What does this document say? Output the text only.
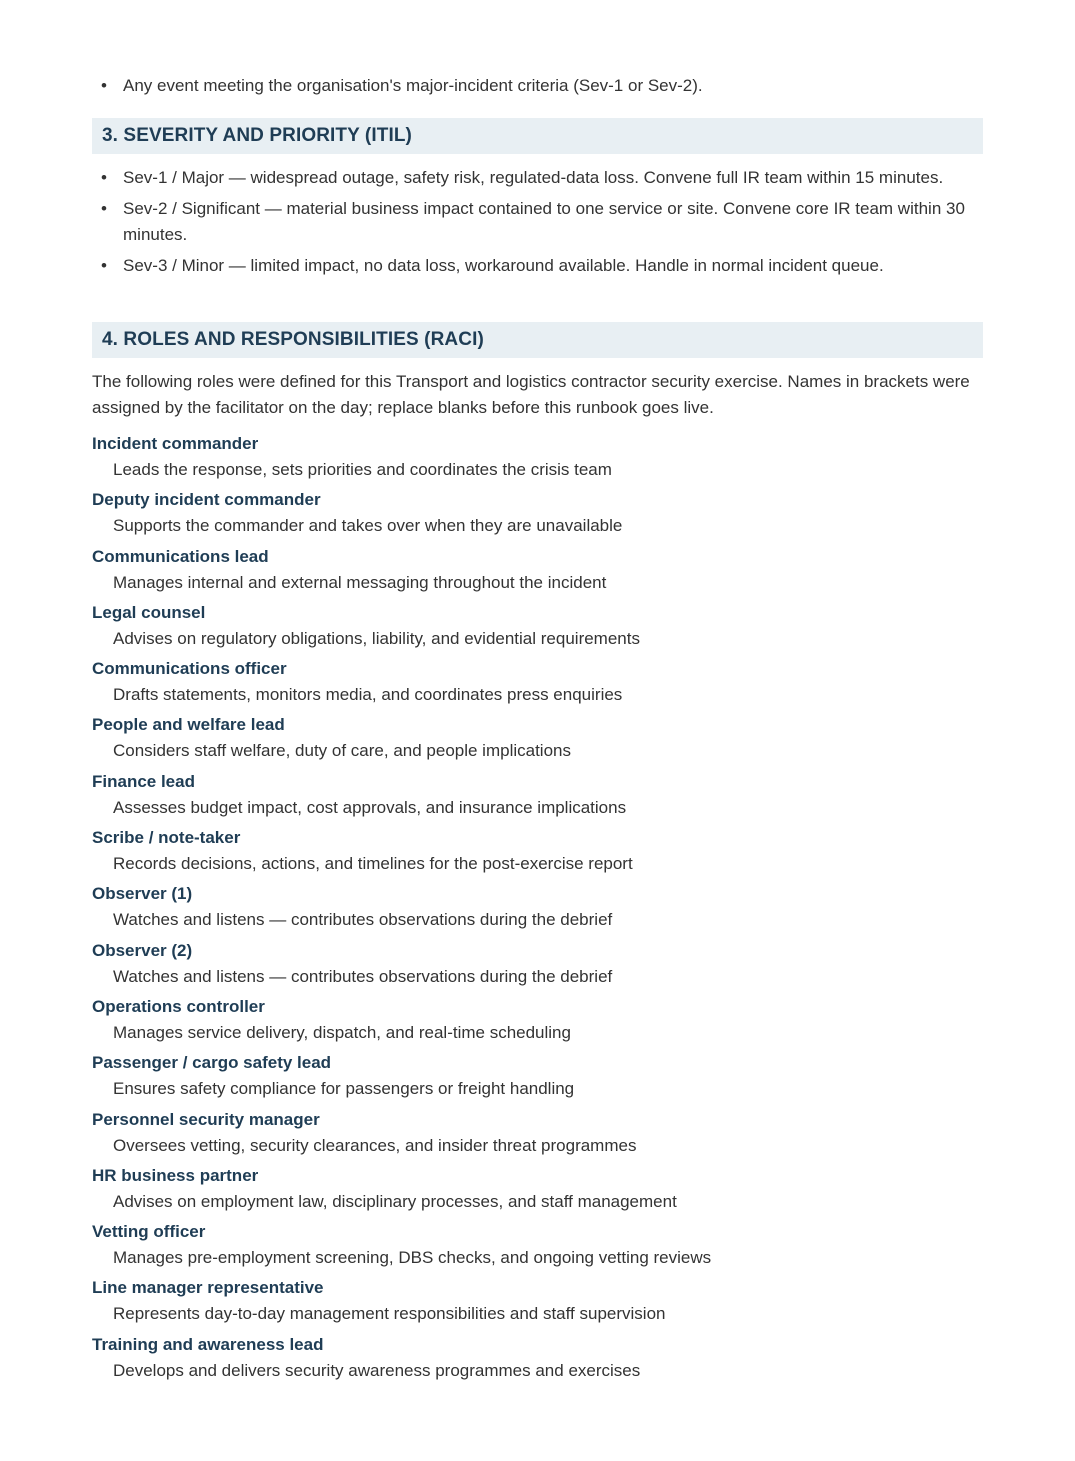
• Any event meeting the organisation's major-incident criteria (Sev-1 or Sev-2).
3. SEVERITY AND PRIORITY (ITIL)
• Sev-1 / Major — widespread outage, safety risk, regulated-data loss. Convene full IR team within 15 minutes.
• Sev-2 / Significant — material business impact contained to one service or site. Convene core IR team within 30 minutes.
• Sev-3 / Minor — limited impact, no data loss, workaround available. Handle in normal incident queue.
4. ROLES AND RESPONSIBILITIES (RACI)

The following roles were defined for this Transport and logistics contractor security exercise. Names in brackets were assigned by the facilitator on the day; replace blanks before this runbook goes live.

Incident commander
Leads the response, sets priorities and coordinates the crisis team
Deputy incident commander
Supports the commander and takes over when they are unavailable
Communications lead
Manages internal and external messaging throughout the incident
Legal counsel
Advises on regulatory obligations, liability, and evidential requirements
Communications officer
Drafts statements, monitors media, and coordinates press enquiries
People and welfare lead
Considers staff welfare, duty of care, and people implications
Finance lead
Assesses budget impact, cost approvals, and insurance implications
Scribe / note-taker
Records decisions, actions, and timelines for the post-exercise report
Observer (1)
Watches and listens — contributes observations during the debrief
Observer (2)
Watches and listens — contributes observations during the debrief
Operations controller
Manages service delivery, dispatch, and real-time scheduling
Passenger / cargo safety lead
Ensures safety compliance for passengers or freight handling
Personnel security manager
Oversees vetting, security clearances, and insider threat programmes
HR business partner
Advises on employment law, disciplinary processes, and staff management
Vetting officer
Manages pre-employment screening, DBS checks, and ongoing vetting reviews
Line manager representative
Represents day-to-day management responsibilities and staff supervision
Training and awareness lead
Develops and delivers security awareness programmes and exercises
